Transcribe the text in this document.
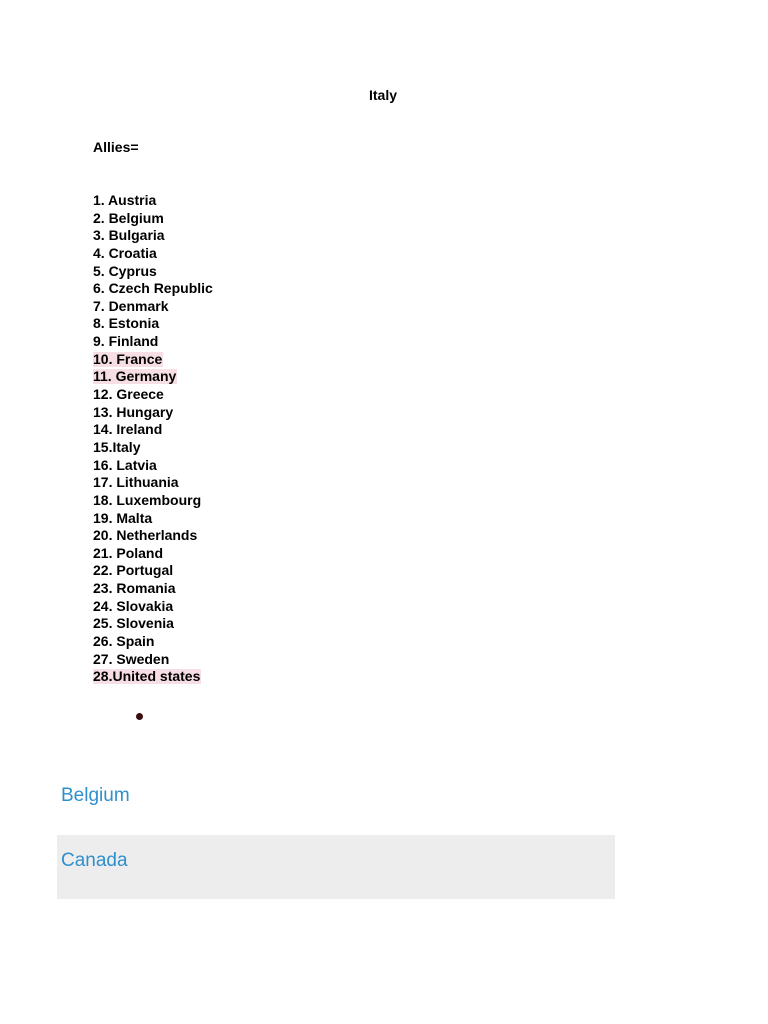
Italy
Allies=
1. Austria
2. Belgium
3. Bulgaria
4. Croatia
5. Cyprus
6. Czech Republic
7. Denmark
8. Estonia
9. Finland
10. France
11. Germany
12. Greece
13. Hungary
14. Ireland
15.Italy
16. Latvia
17. Lithuania
18. Luxembourg
19. Malta
20. Netherlands
21. Poland
22. Portugal
23. Romania
24. Slovakia
25. Slovenia
26. Spain
27. Sweden
28.United states
Belgium
Canada
